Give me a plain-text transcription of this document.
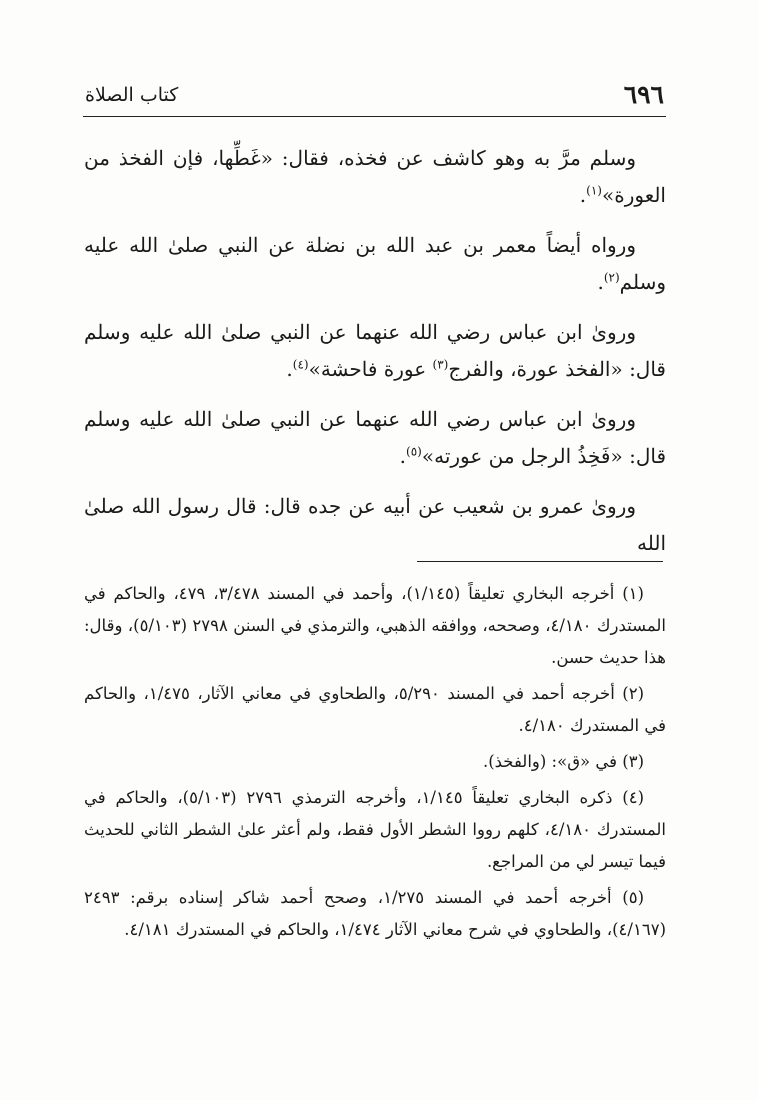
٦٩٦
كتاب الصلاة

وسلم مرَّ به وهو كاشف عن فخذه، فقال: «غَطِّها، فإن الفخذ من العورة»$^{(١)}$.

ورواه أيضاً معمر بن عبد الله بن نضلة عن النبي صلىٰ الله عليه وسلم$^{(٢)}$.

ورویٰ ابن عباس رضي الله عنهما عن النبي صلىٰ الله عليه وسلم قال: «الفخذ عورة، والفرج$^{(٣)}$ عورة فاحشة»$^{(٤)}$.

ورویٰ ابن عباس رضي الله عنهما عن النبي صلىٰ الله عليه وسلم قال: «فَخِذُ الرجل من عورته»$^{(٥)}$.

ورویٰ عمرو بن شعيب عن أبيه عن جده قال: قال رسول الله صلىٰ الله

(١) أخرجه البخاري تعليقاً (١/١٤٥)، وأحمد في المسند ٣/٤٧٨، ٤٧٩، والحاكم في المستدرك ٤/١٨٠، وصححه، ووافقه الذهبي، والترمذي في السنن ٢٧٩٨ (٥/١٠٣)، وقال: هذا حديث حسن.

(٢) أخرجه أحمد في المسند ٥/٢٩٠، والطحاوي في معاني الآثار، ١/٤٧٥، والحاكم في المستدرك ٤/١٨٠.

(٣) في «ق»: (والفخذ).

(٤) ذكره البخاري تعليقاً ١/١٤٥، وأخرجه الترمذي ٢٧٩٦ (٥/١٠٣)، والحاكم في المستدرك ٤/١٨٠، كلهم رووا الشطر الأول فقط، ولم أعثر علىٰ الشطر الثاني للحديث فيما تيسر لي من المراجع.

(٥) أخرجه أحمد في المسند ١/٢٧٥، وصحح أحمد شاكر إسناده برقم: ٢٤٩٣ (٤/١٦٧)، والطحاوي في شرح معاني الآثار ١/٤٧٤، والحاكم في المستدرك ٤/١٨١.
